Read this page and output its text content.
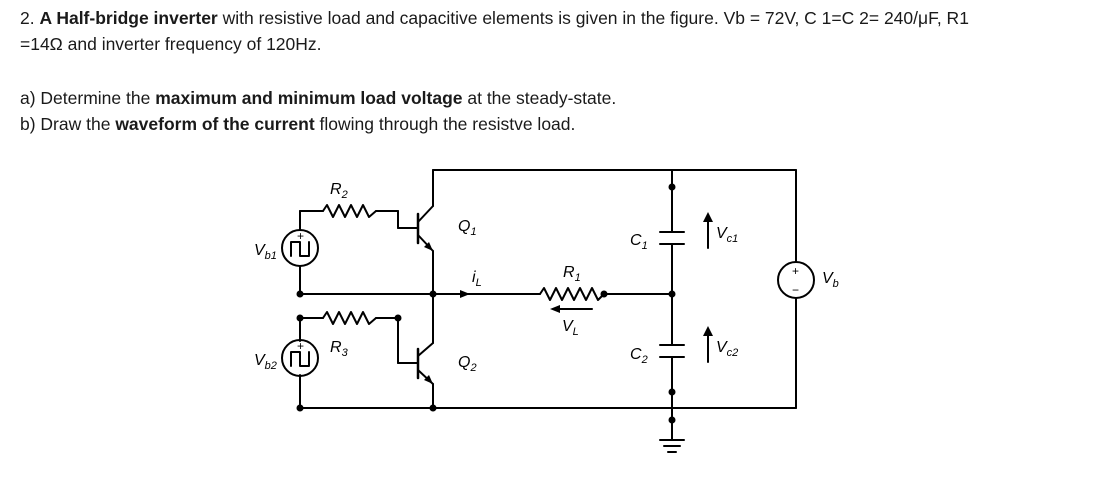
2. A Half-bridge inverter with resistive load and capacitive elements is given in the figure. Vb = 72V, C 1=C 2= 240/μF, R1
=14Ω and inverter frequency of 120Hz.
a) Determine the maximum and minimum load voltage at the steady-state.
b) Draw the waveform of the current flowing through the resistve load.
$R_2$
$R_3$
$R_1$
$Q_1$
$Q_2$
$C_1$
$C_2$
$V_{b1}$
$V_{b2}$
$V_{c1}$
$V_{c2}$
$V_b$
$i_L$
$V_L$
+
−
+
+
